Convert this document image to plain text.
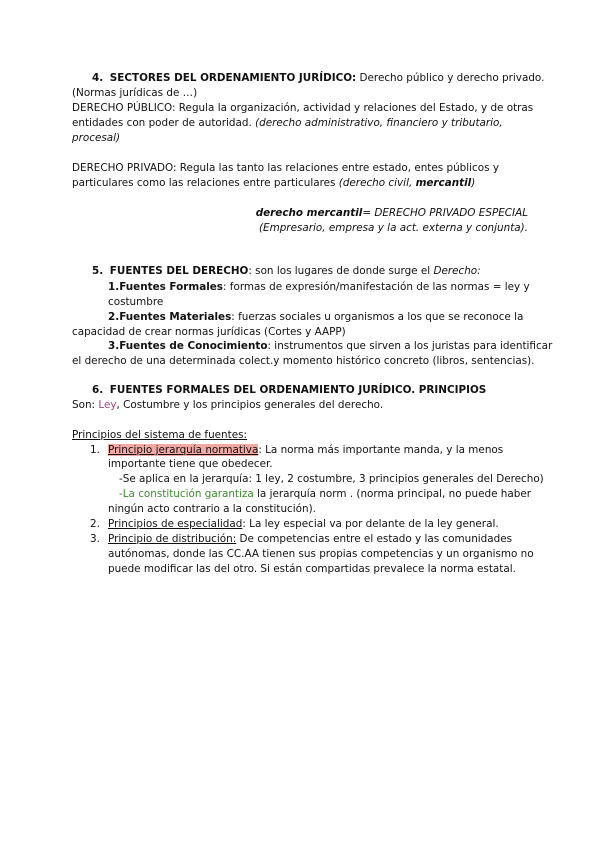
4. SECTORES DEL ORDENAMIENTO JURÍDICO: Derecho público y derecho privado.
(Normas jurídicas de …)
DERECHO PÚBLICO: Regula la organización, actividad y relaciones del Estado, y de otras
entidades con poder de autoridad. (derecho administrativo, financiero y tributario,
procesal)
DERECHO PRIVADO: Regula las tanto las relaciones entre estado, entes públicos y
particulares como las relaciones entre particulares (derecho civil, mercantil)
derecho mercantil= DERECHO PRIVADO ESPECIAL
(Empresario, empresa y la act. externa y conjunta).
5. FUENTES DEL DERECHO: son los lugares de donde surge el Derecho:
1.Fuentes Formales: formas de expresión/manifestación de las normas = ley y
costumbre
2.Fuentes Materiales: fuerzas sociales u organismos a los que se reconoce la
capacidad de crear normas jurídicas (Cortes y AAPP)
3.Fuentes de Conocimiento: instrumentos que sirven a los juristas para identificar
el derecho de una determinada colect.y momento histórico concreto (libros, sentencias).
6. FUENTES FORMALES DEL ORDENAMIENTO JURÍDICO. PRINCIPIOS
Son: Ley, Costumbre y los principios generales del derecho.
Principios del sistema de fuentes:
1. Principio jerarquía normativa: La norma más importante manda, y la menos
importante tiene que obedecer.
-Se aplica en la jerarquía: 1 ley, 2 costumbre, 3 principios generales del Derecho)
-La constitución garantiza la jerarquía norm . (norma principal, no puede haber
ningún acto contrario a la constitución).
2. Principios de especialidad: La ley especial va por delante de la ley general.
3. Principio de distribución: De competencias entre el estado y las comunidades
autónomas, donde las CC.AA tienen sus propias competencias y un organismo no
puede modificar las del otro. Si están compartidas prevalece la norma estatal.
